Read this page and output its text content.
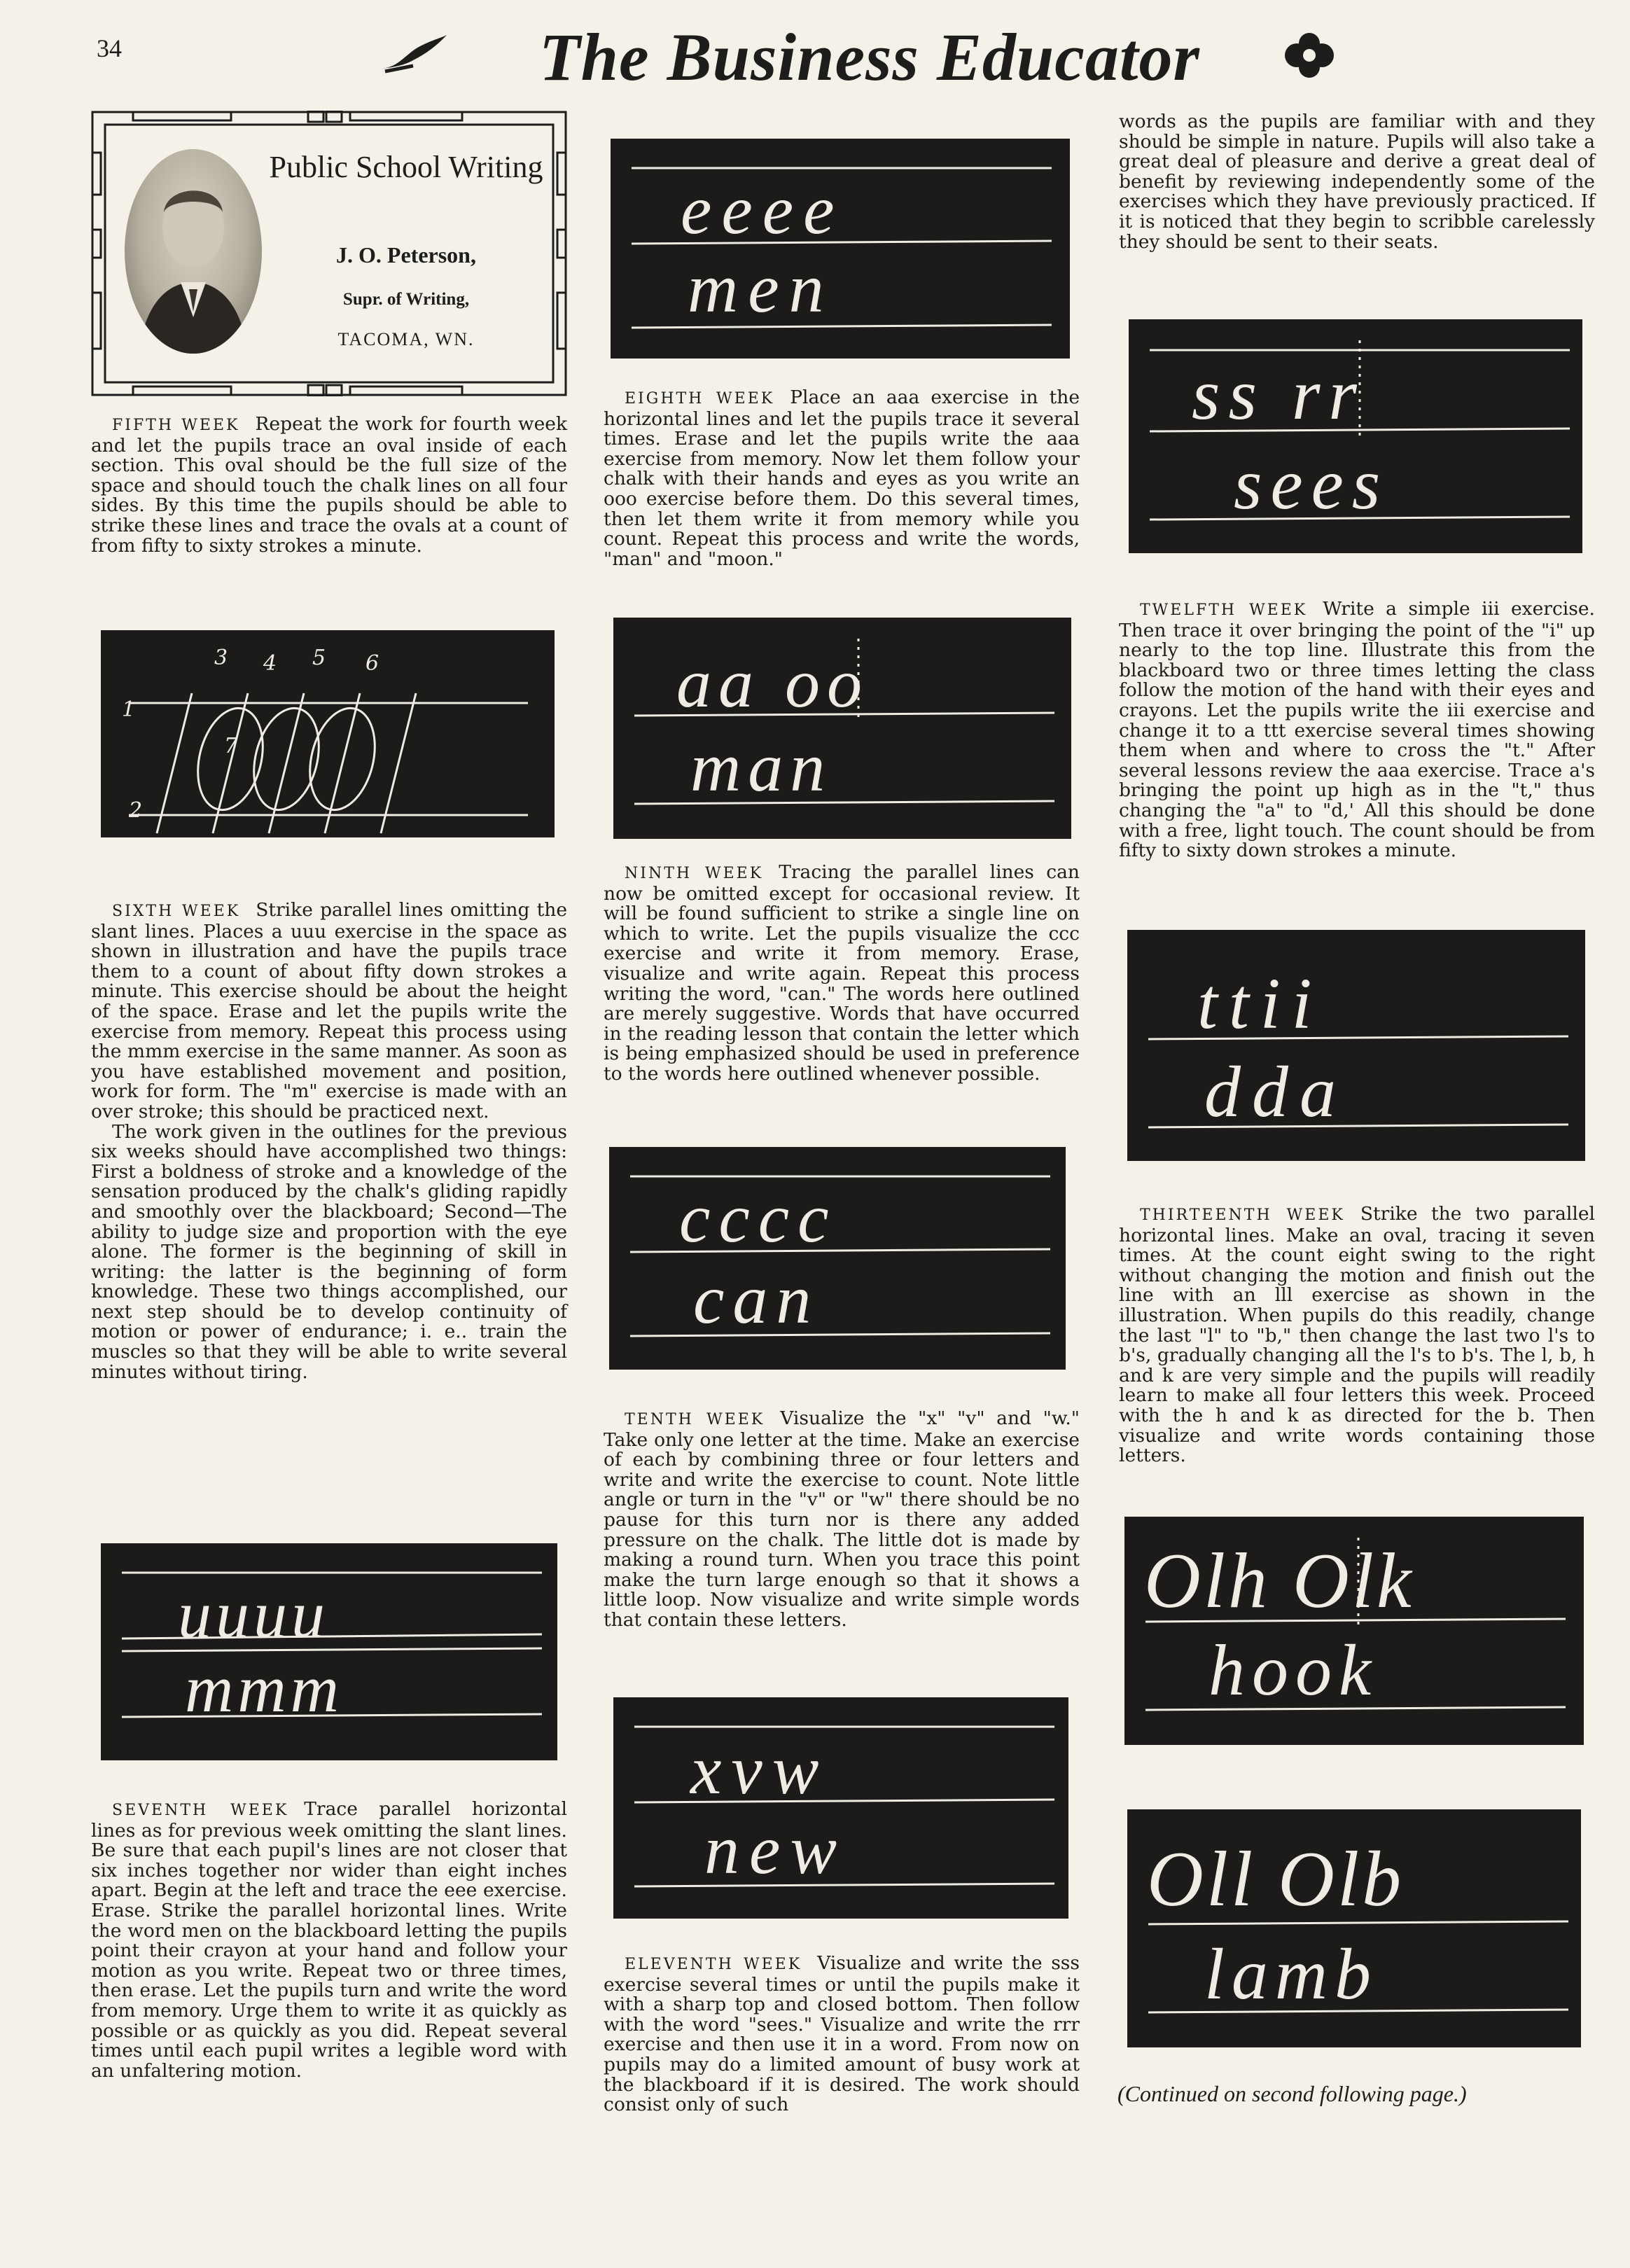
34	The Business Educator
Public School Writing
J. O. Peterson,
Supr. of Writing,
TACOMA, WN.

FIFTH WEEK Repeat the work for fourth week and let the pupils trace an oval inside of each section. This oval should be the full size of the space and should touch the chalk lines on all four sides. By this time the pupils should be able to strike these lines and trace the ovals at a count of from fifty to sixty strokes a minute.

SIXTH WEEK Strike parallel lines omitting the slant lines. Places a uuu exercise in the space as shown in illustration and have the pupils trace them to a count of about fifty down strokes a minute. This exercise should be about the height of the space. Erase and let the pupils write the exercise from memory. Repeat this process using the mmm exercise in the same manner. As soon as you have established movement and position, work for form. The "m" exercise is made with an over stroke; this should be practiced next.

The work given in the outlines for the previous six weeks should have accomplished two things: First a boldness of stroke and a knowledge of the sensation produced by the chalk's gliding rapidly and smoothly over the blackboard; Second—The ability to judge size and proportion with the eye alone. The former is the beginning of skill in writing: the latter is the beginning of form knowledge. These two things accomplished, our next step should be to develop continuity of motion or power of endurance; i. e.. train the muscles so that they will be able to write several minutes without tiring.

SEVENTH WEEK Trace parallel horizontal lines as for previous week omitting the slant lines. Be sure that each pupil's lines are not closer that six inches together nor wider than eight inches apart. Begin at the left and trace the eee exercise. Erase. Strike the parallel horizontal lines. Write the word men on the blackboard letting the pupils point their crayon at your hand and follow your motion as you write. Repeat two or three times, then erase. Let the pupils turn and write the word from memory. Urge them to write it as quickly as possible or as quickly as you did. Repeat several times until each pupil writes a legible word with an unfaltering motion.

EIGHTH WEEK Place an aaa exercise in the horizontal lines and let the pupils trace it several times. Erase and let the pupils write the aaa exercise from memory. Now let them follow your chalk with their hands and eyes as you write an ooo exercise before them. Do this several times, then let them write it from memory while you count. Repeat this process and write the words, "man" and "moon."

NINTH WEEK Tracing the parallel lines can now be omitted except for occasional review. It will be found sufficient to strike a single line on which to write. Let the pupils visualize the ccc exercise and write it from memory. Erase, visualize and write again. Repeat this process writing the word, "can." The words here outlined are merely suggestive. Words that have occurred in the reading lesson that contain the letter which is being emphasized should be used in preference to the words here outlined whenever possible.

TENTH WEEK Visualize the "x" "v" and "w." Take only one letter at the time. Make an exercise of each by combining three or four letters and write and write the exercise to count. Note little angle or turn in the "v" or "w" there should be no pause for this turn nor is there any added pressure on the chalk. The little dot is made by making a round turn. When you trace this point make the turn large enough so that it shows a little loop. Now visualize and write simple words that contain these letters.

ELEVENTH WEEK Visualize and write the sss exercise several times or until the pupils make it with a sharp top and closed bottom. Then follow with the word "sees." Visualize and write the rrr exercise and then use it in a word. From now on pupils may do a limited amount of busy work at the blackboard if it is desired. The work should consist only of such

words as the pupils are familiar with and they should be simple in nature. Pupils will also take a great deal of pleasure and derive a great deal of benefit by reviewing independently some of the exercises which they have previously practiced. If it is noticed that they begin to scribble carelessly they should be sent to their seats.

TWELFTH WEEK Write a simple iii exercise. Then trace it over bringing the point of the "i" up nearly to the top line. Illustrate this from the blackboard two or three times letting the class follow the motion of the hand with their eyes and crayons. Let the pupils write the iii exercise and change it to a ttt exercise several times showing them when and where to cross the "t." After several lessons review the aaa exercise. Trace a's bringing the point up high as in the "t," thus changing the "a" to "d,' All this should be done with a free, light touch. The count should be from fifty to sixty down strokes a minute.

THIRTEENTH WEEK Strike the two parallel horizontal lines. Make an oval, tracing it seven times. At the count eight swing to the right without changing the motion and finish out the line with an lll exercise as shown in the illustration. When pupils do this readily, change the last "l" to "b," then change the last two l's to b's, gradually changing all the l's to b's. The l, b, h and k are very simple and the pupils will readily learn to make all four letters this week. Proceed with the h and k as directed for the b. Then visualize and write words containing those letters.

(Continued on second following page.)
3 4 5 6
1
7
2
uuuu
mmm
eeee
men
aa oo
man
cccc
can
xvw
new
ss rr
sees
ttii
dda
Olh Olk
hook
Oll Olb
lamb
